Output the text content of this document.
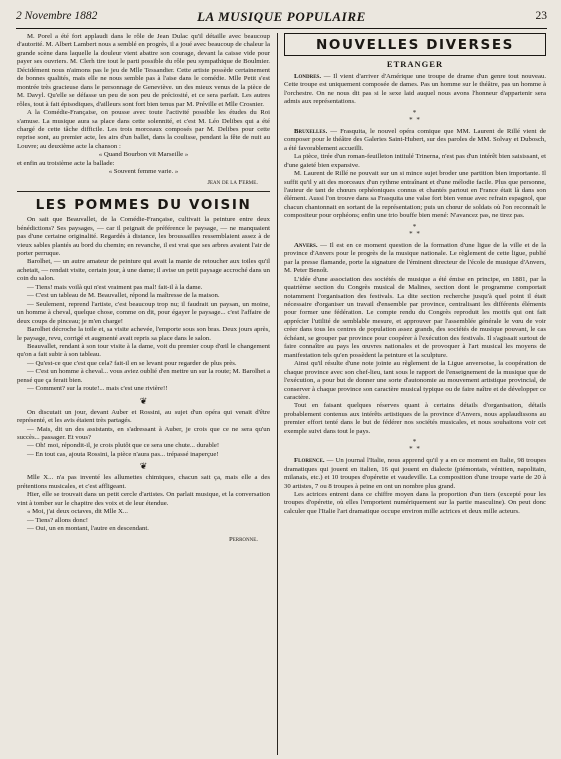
2 Novembre 1882	LA MUSIQUE POPULAIRE	23

M. Porel a été fort applaudi dans le rôle de Jean Dulac qu'il détaille avec beaucoup d'autorité. M. Albert Lambert nous a semblé en progrès, il a joué avec beaucoup de chaleur la grande scène dans laquelle la douleur vient abattre son courage, devant la caisse vide pour payer ses ouvriers. M. Clerh tire tout le parti possible du rôle peu sympathique de Boulmier. Décidément nous n'aimons pas le jeu de Mlle Tessandier. Cette artiste possède certainement de bonnes qualités, mais elle ne nous semble pas à l'aise dans le comédie. Mlle Petit s'est montrée très gracieuse dans le personnage de Geneviève. un des mieux venus de la pièce de M. Davyl. Qu'elle se défasse un peu de son peu de préciosité, et ce sera parfait. Les autres rôles, tout à fait épisodiques, d'ailleurs sont fort bien tenus par M. Préville et Mlle Crosnier.

A la Comédie-Française, on pousse avec toute l'activité possible les études du Roi s'amuse. La musique aura sa place dans cette solennité, et c'est M. Léo Delibes qui a été chargé de cette tâche difficile. Les trois morceaux composés par M. Delibes pour cette reprise sont, au premier acte, les airs d'un ballet, dans la coulisse, pendant la fête de nuit au Louvre; au deuxième acte la chanson :

« Quand Bourbon vit Marseille »

et enfin au troisième acte la ballade:

« Souvent femme varie. »

Jean de la Ferme.

LES POMMES DU VOISIN

On sait que Beauvallet, de la Comédie-Française, cultivait la peinture entre deux bénédictions? Ses paysages, — car il peignait de préférence le paysage, — ne manquaient pas d'une certaine originalité. Regardés à distance, les broussailles ressemblaient assez à de vieux sables plantés au bord du chemin; en revanche, il est vrai que ses arbres avaient l'air de porter perruque.

Barolhet, — un autre amateur de peinture qui avait la manie de retoucher aux toiles qu'il achetait, — rendait visite, certain jour, à une dame; il avise un petit paysage accroché dans un coin du salon.

— Tiens! mais voilà qui n'est vraiment pas mal! fait-il à la dame.

— C'est un tableau de M. Beauvallet, répond la maîtresse de la maison.

— Seulement, reprend l'artiste, c'est beaucoup trop nu; il faudrait un paysan, un moine, un homme à cheval, quelque chose, comme on dit, pour égayer le paysage... c'est l'affaire de deux coups de pinceau; je m'en charge!

Barolhet décroche la toile et, sa visite achevée, l'emporte sous son bras. Deux jours après, le paysage, revu, corrigé et augmenté avait repris sa place dans le salon.

Beauvallet, rendant à son tour visite à la dame, voit du premier coup d'œil le changement qu'on a fait subir à son tableau.

— Qu'est-ce que c'est que cela? fait-il en se levant pour regarder de plus près.

— C'est un homme à cheval... vous aviez oublié d'en mettre un sur la route; M. Barolhet a pensé que ça ferait bien.

— Comment? sur la route!... mais c'est une rivière!!

❦

On discutait un jour, devant Auber et Rossini, au sujet d'un opéra qui venait d'être représenté, et les avis étaient très partagés.

— Mais, dit un des assistants, en s'adressant à Auber, je crois que ce ne sera qu'un succès... passager. Et vous?

— Oh! moi, répondit-il, je crois plutôt que ce sera une chute... durable!

— En tout cas, ajouta Rossini, la pièce n'aura pas... trépassé inaperçue!

❦

Mlle X... n'a pas inventé les allumettes chimiques, chacun sait ça, mais elle a des prétentions musicales, et c'est affligeant.

Hier, elle se trouvait dans un petit cercle d'artistes. On parlait musique, et la conversation vint à tomber sur le chapitre des voix et de leur étendue.

« Moi, j'ai deux octaves, dit Mlle X...

— Tiens? allons donc!

— Oui, un en montant, l'autre en descendant.

Perronne.

NOUVELLES DIVERSES
ETRANGER

Londres. — Il vient d'arriver d'Amérique une troupe de drame d'un genre tout nouveau. Cette troupe est uniquement composée de dames. Pas un homme sur le théâtre, pas un homme à l'orchestre. On ne nous dit pas si le sexe laid auquel nous avons l'honneur d'appartenir sera admis aux représentations.

*
* *

Bruxelles. — Frasquita, le nouvel opéra comique que MM. Laurent de Rillé vient de composer pour le théâtre des Galeries Saint-Hubert, sur des paroles de MM. Solvay et Dubosch, a été favorablement accueilli.

La pièce, tirée d'un roman-feuilleton intitulé Trinerna, n'est pas d'un intérêt bien saisissant, et d'une gaieté bien expansive.

M. Laurent de Rillé ne pouvait sur un si mince sujet broder une partition bien importante. Il suffit qu'il y ait des morceaux d'un rythme entraînant et d'une mélodie facile. Plus que personne, l'auteur de tant de chœurs orphéoniques connus et chantés partout en France était là dans son élément. Aussi l'on trouve dans sa Frasquita une valse fort bien venue avec refrain espagnol, que chacun chantonnait en sortant de la représentation; puis un chœur de soldats où l'on reconnaît le compositeur pour orphéons; enfin une trio bouffe bien mené: N'avancez pas, ne tirez pas.

*
* *

Anvers. — Il est en ce moment question de la formation d'une ligue de la ville et de la province d'Anvers pour le progrès de la musique nationale. Le règlement de cette ligue, publié par la presse flamande, porte la signature de l'éminent directeur de l'école de musique d'Anvers, M. Peter Benoît.

L'idée d'une association des sociétés de musique a été émise en principe, en 1881, par la quatrième section du Congrès musical de Malines, section dont le programme comportait notamment l'organisation des festivals. La dite section recherche jusqu'à quel point il était nécessaire d'organiser un travail d'ensemble par province, centralisant les différents éléments pour former une fédération. Le compte rendu du Congrès reproduit les motifs qui ont fait apprécier l'utilité de semblable mesure, et approuver par l'assemblée générale le vœu de voir créer dans tous les centres de population assez grands, des sociétés de musique pouvant, le cas échéant, se grouper par province pour coopérer à l'exécution des festivals. Il s'agissait surtout de faire connaître au pays les œuvres nationales et de provoquer à l'art musical les moyens de manifestation tels qu'en possèdent la peinture et la sculpture.

Ainsi qu'il résulte d'une note jointe au règlement de la Ligue anversoise, la coopération de chaque province avec son chef-lieu, tant sous le rapport de l'enseignement de la musique que de l'exécution, a pour but de donner une sorte d'autonomie au mouvement artistique provincial, de conserver à chaque province son caractère musical typique ou de faire naître et de développer ce caractère.

Tout en faisant quelques réserves quant à certains détails d'organisation, détails probablement contenus aux intérêts artistiques de la province d'Anvers, nous applaudissons au premier effort tenté dans le but de fédérer nos sociétés musicales, et nous souhaitons voir cet exemple suivi dans tout le pays.

*
* *

Florence. — Un journal l'Italie, nous apprend qu'il y a en ce moment en Italie, 98 troupes dramatiques qui jouent en italien, 16 qui jouent en dialecte (piémontais, vénitien, napolitain, milanais, etc.) et 10 troupes d'opérette et vaudeville. La composition d'une troupe varie de 20 à 30 artistes, 7 ou 8 troupes à peine en ont un nombre plus grand.

Les actrices entrent dans ce chiffre moyen dans la proportion d'un tiers (excepté pour les troupes d'opérette, où elles l'emportent numériquement sur la partie masculine). On peut donc calculer que l'Italie l'art dramatique occupe environ mille actrices et deux mille acteurs.
